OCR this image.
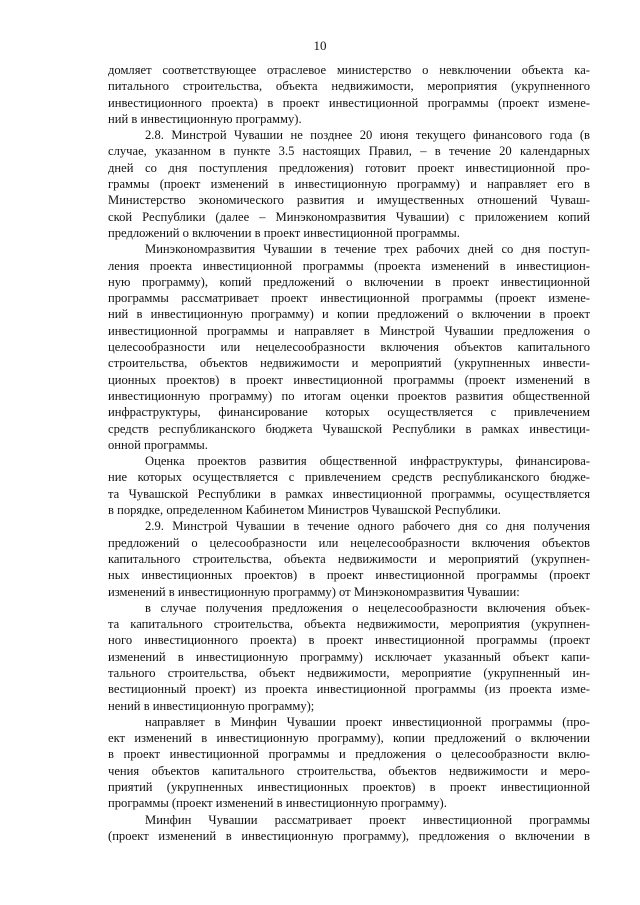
10

домляет соответствующее отраслевое министерство о невключении объекта ка-
питального строительства, объекта недвижимости, мероприятия (укрупненного
инвестиционного проекта) в проект инвестиционной программы (проект измене-
ний в инвестиционную программу).

2.8. Минстрой Чувашии не позднее 20 июня текущего финансового года (в
случае, указанном в пункте 3.5 настоящих Правил, – в течение 20 календарных
дней со дня поступления предложения) готовит проект инвестиционной про-
граммы (проект изменений в инвестиционную программу) и направляет его в
Министерство экономического развития и имущественных отношений Чуваш-
ской Республики (далее – Минэкономразвития Чувашии) с приложением копий
предложений о включении в проект инвестиционной программы.

Минэкономразвития Чувашии в течение трех рабочих дней со дня поступ-
ления проекта инвестиционной программы (проекта изменений в инвестицион-
ную программу), копий предложений о включении в проект инвестиционной
программы рассматривает проект инвестиционной программы (проект измене-
ний в инвестиционную программу) и копии предложений о включении в проект
инвестиционной программы и направляет в Минстрой Чувашии предложения о
целесообразности или нецелесообразности включения объектов капитального
строительства, объектов недвижимости и мероприятий (укрупненных инвести-
ционных проектов) в проект инвестиционной программы (проект изменений в
инвестиционную программу) по итогам оценки проектов развития общественной
инфраструктуры, финансирование которых осуществляется с привлечением
средств республиканского бюджета Чувашской Республики в рамках инвестици-
онной программы.

Оценка проектов развития общественной инфраструктуры, финансирова-
ние которых осуществляется с привлечением средств республиканского бюдже-
та Чувашской Республики в рамках инвестиционной программы, осуществляется
в порядке, определенном Кабинетом Министров Чувашской Республики.

2.9. Минстрой Чувашии в течение одного рабочего дня со дня получения
предложений о целесообразности или нецелесообразности включения объектов
капитального строительства, объекта недвижимости и мероприятий (укрупнен-
ных инвестиционных проектов) в проект инвестиционной программы (проект
изменений в инвестиционную программу) от Минэкономразвития Чувашии:

в случае получения предложения о нецелесообразности включения объек-
та капитального строительства, объекта недвижимости, мероприятия (укрупнен-
ного инвестиционного проекта) в проект инвестиционной программы (проект
изменений в инвестиционную программу) исключает указанный объект капи-
тального строительства, объект недвижимости, мероприятие (укрупненный ин-
вестиционный проект) из проекта инвестиционной программы (из проекта изме-
нений в инвестиционную программу);

направляет в Минфин Чувашии проект инвестиционной программы (про-
ект изменений в инвестиционную программу), копии предложений о включении
в проект инвестиционной программы и предложения о целесообразности вклю-
чения объектов капитального строительства, объектов недвижимости и меро-
приятий (укрупненных инвестиционных проектов) в проект инвестиционной
программы (проект изменений в инвестиционную программу).

Минфин Чувашии рассматривает проект инвестиционной программы
(проект изменений в инвестиционную программу), предложения о включении в
